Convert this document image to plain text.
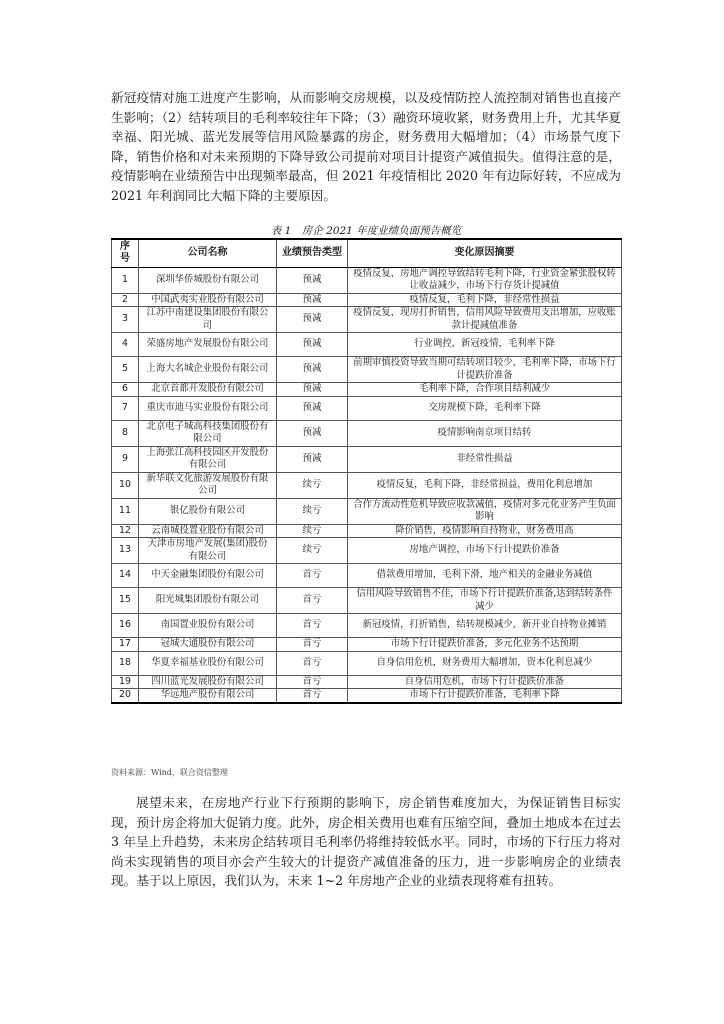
新冠疫情对施工进度产生影响，从而影响交房规模，以及疫情防控人流控制对销售也直接产生影响；（2）结转项目的毛利率较往年下降；（3）融资环境收紧，财务费用上升，尤其华夏幸福、阳光城、蓝光发展等信用风险暴露的房企，财务费用大幅增加；（4）市场景气度下降，销售价格和对未来预期的下降导致公司提前对项目计提资产减值损失。值得注意的是，疫情影响在业绩预告中出现频率最高，但 2021 年疫情相比 2020 年有边际好转，不应成为 2021 年利润同比大幅下降的主要原因。

表 1　房企 2021 年度业绩负面预告概览

序号	公司名称	业绩预告类型	变化原因摘要
1	深圳华侨城股份有限公司	预减	疫情反复，房地产调控导致结转毛利下降，行业资金紧张股权转让收益减少，市场下行存货计提减值
2	中国武夷实业股份有限公司	预减	疫情反复，毛利下降，非经常性损益
3	江苏中南建设集团股份有限公司	预减	疫情反复，现房打折销售，信用风险导致费用支出增加，应收账款计提减值准备
4	荣盛房地产发展股份有限公司	预减	行业调控，新冠疫情，毛利率下降
5	上海大名城企业股份有限公司	预减	前期审慎投资导致当期可结转项目较少，毛利率下降，市场下行计提跌价准备
6	北京首都开发股份有限公司	预减	毛利率下降，合作项目结利减少
7	重庆市迪马实业股份有限公司	预减	交房规模下降，毛利率下降
8	北京电子城高科技集团股份有限公司	预减	疫情影响南京项目结转
9	上海张江高科技园区开发股份有限公司	预减	非经常性损益
10	新华联文化旅游发展股份有限公司	续亏	疫情反复，毛利下降，非经常损益，费用化利息增加
11	银亿股份有限公司	续亏	合作方流动性危机导致应收款减值，疫情对多元化业务产生负面影响
12	云南城投置业股份有限公司	续亏	降价销售，疫情影响自持物业，财务费用高
13	天津市房地产发展(集团)股份有限公司	续亏	房地产调控，市场下行计提跌价准备
14	中天金融集团股份有限公司	首亏	借款费用增加，毛利下滑，地产相关的金融业务减值
15	阳光城集团股份有限公司	首亏	信用风险导致销售不佳，市场下行计提跌价准备,达到结转条件减少
16	南国置业股份有限公司	首亏	新冠疫情，打折销售，结转规模减少，新开业自持物业摊销
17	冠城大通股份有限公司	首亏	市场下行计提跌价准备，多元化业务不达预期
18	华夏幸福基业股份有限公司	首亏	自身信用危机，财务费用大幅增加，资本化利息减少
19	四川蓝光发展股份有限公司	首亏	自身信用危机，市场下行计提跌价准备
20	华远地产股份有限公司	首亏	市场下行计提跌价准备，毛利率下降

资料来源：Wind，联合资信整理

展望未来，在房地产行业下行预期的影响下，房企销售难度加大，为保证销售目标实现，预计房企将加大促销力度。此外，房企相关费用也难有压缩空间，叠加土地成本在过去 3 年呈上升趋势，未来房企结转项目毛利率仍将维持较低水平。同时，市场的下行压力将对尚未实现销售的项目亦会产生较大的计提资产减值准备的压力，进一步影响房企的业绩表现。基于以上原因，我们认为，未来 1~2 年房地产企业的业绩表现将难有扭转。
